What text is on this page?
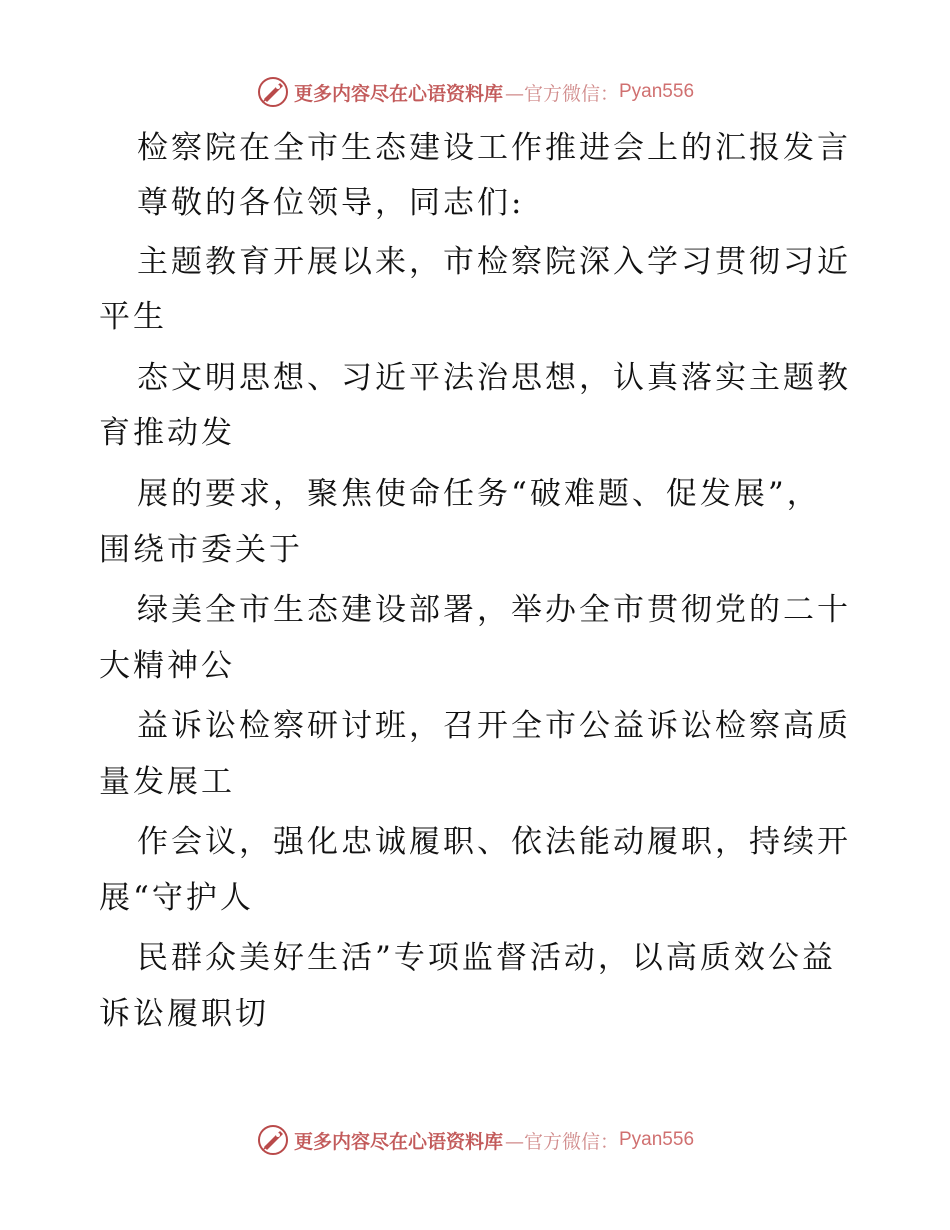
更多内容尽在心语资料库 —官方微信： Pyan556
检察院在全市生态建设工作推进会上的汇报发言
尊敬的各位领导，同志们:
主题教育开展以来，市检察院深入学习贯彻习近
平生
态文明思想、习近平法治思想，认真落实主题教
育推动发
展的要求，聚焦使命任务“破难题、促发展”，
围绕市委关于
绿美全市生态建设部署，举办全市贯彻党的二十
大精神公
益诉讼检察研讨班，召开全市公益诉讼检察高质
量发展工
作会议，强化忠诚履职、依法能动履职，持续开
展“守护人
民群众美好生活”专项监督活动，以高质效公益
诉讼履职切
更多内容尽在心语资料库 —官方微信： Pyan556
